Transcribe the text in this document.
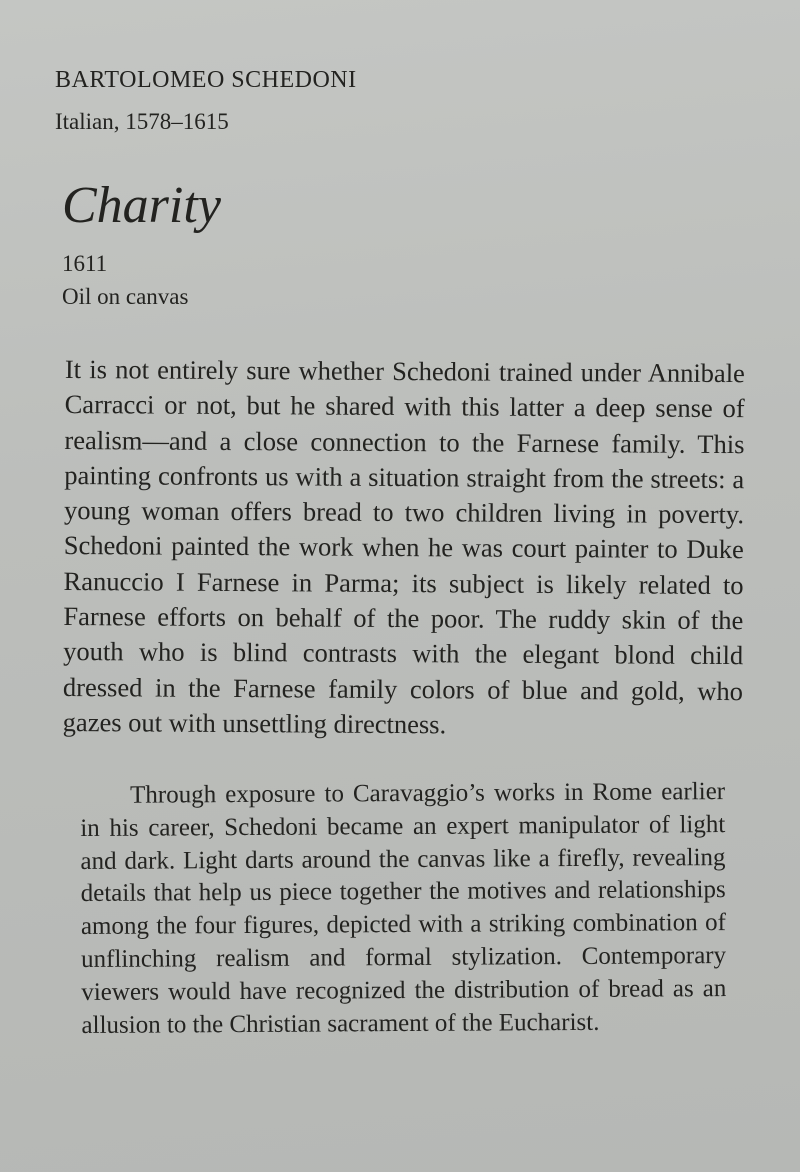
BARTOLOMEO SCHEDONI
Italian, 1578–1615
Charity
1611
Oil on canvas

It is not entirely sure whether Schedoni trained under Annibale Carracci or not, but he shared with this latter a deep sense of realism—and a close connection to the Farnese family. This painting confronts us with a situation straight from the streets: a young woman offers bread to two children living in poverty. Schedoni painted the work when he was court painter to Duke Ranuccio I Farnese in Parma; its subject is likely related to Farnese efforts on behalf of the poor. The ruddy skin of the youth who is blind contrasts with the elegant blond child dressed in the Farnese family colors of blue and gold, who gazes out with unsettling directness.

Through exposure to Caravaggio’s works in Rome earlier in his career, Schedoni became an expert manipulator of light and dark. Light darts around the canvas like a firefly, revealing details that help us piece together the motives and relationships among the four figures, depicted with a striking combination of unflinching realism and formal stylization. Contemporary viewers would have recognized the distribution of bread as an allusion to the Christian sacrament of the Eucharist.
